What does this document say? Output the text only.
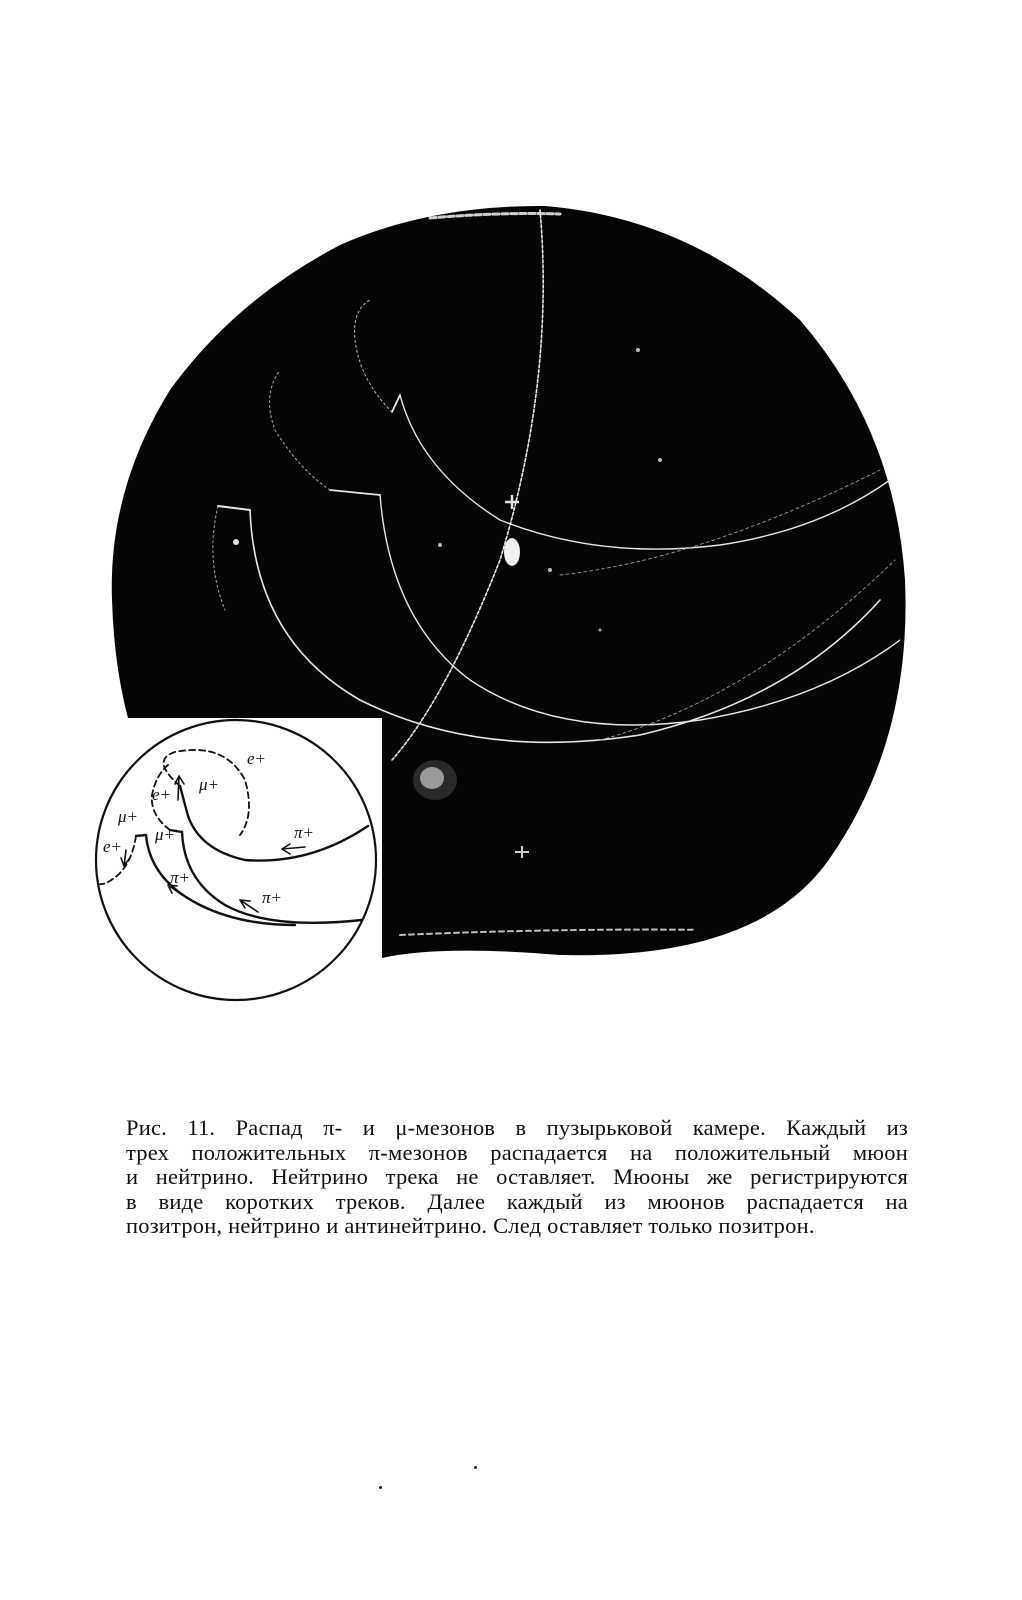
e+
e+
e+
μ+
μ+
μ+
π+
π+
π+
Рис. 11. Распад π- и μ-мезонов в пузырьковой камере. Каждый из
трех положительных π-мезонов распадается на положительный мюон
и нейтрино. Нейтрино трека не оставляет. Мюоны же регистрируются
в виде коротких треков. Далее каждый из мюонов распадается на
позитрон, нейтрино и антинейтрино. След оставляет только позитрон.
